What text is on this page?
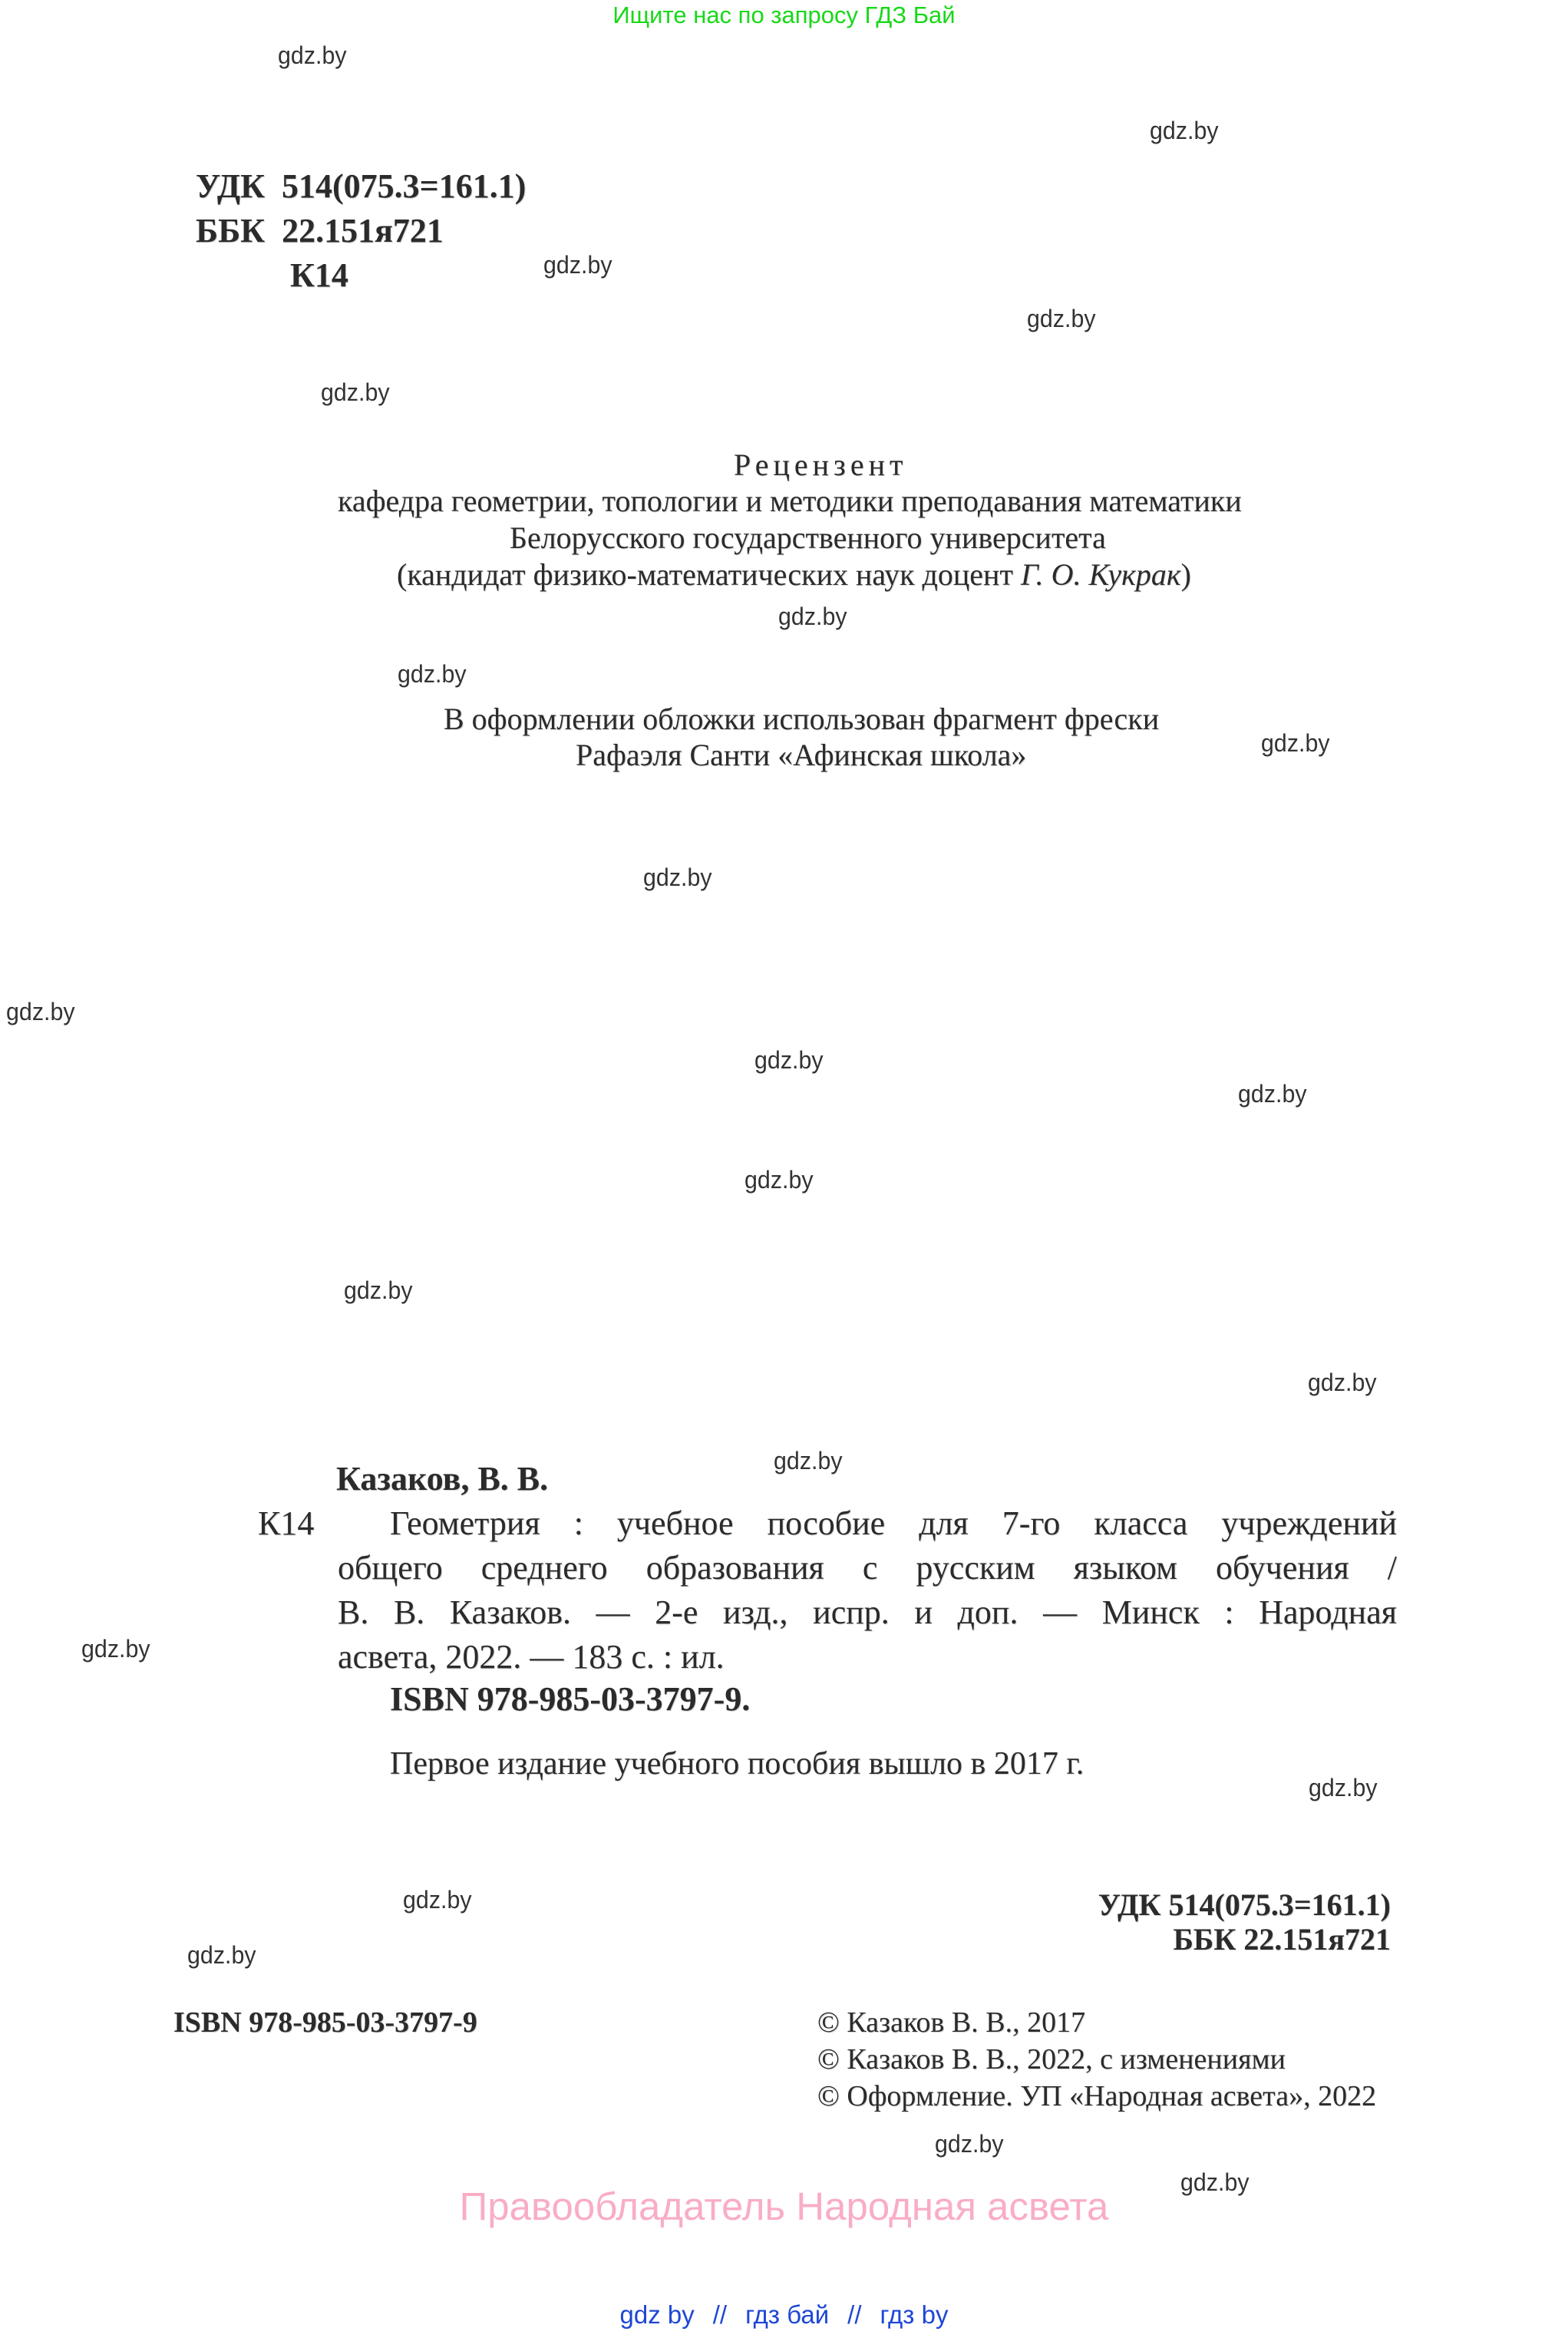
Ищите нас по запросу ГДЗ Бай
gdz.by
gdz.by
gdz.by
gdz.by
gdz.by
gdz.by
gdz.by
gdz.by
gdz.by
gdz.by
gdz.by
gdz.by
gdz.by
gdz.by
gdz.by
gdz.by
gdz.by
gdz.by
gdz.by
gdz.by
gdz.by
gdz.by
УДК  514(075.3=161.1)
ББК  22.151я721
К14
Рецензент
кафедра геометрии, топологии и методики преподавания математики
Белорусского государственного университета
(кандидат физико-математических наук доцент Г. О. Кукрак)
В оформлении обложки использован фрагмент фрески
Рафаэля Санти «Афинская школа»
Казаков, В. В.
К14 Геометрия : учебное пособие для 7-го класса учреждений
общего среднего образования с русским языком обучения /
В. В. Казаков. — 2-е изд., испр. и доп. — Минск : Народная
асвета, 2022. — 183 с. : ил.
ISBN 978-985-03-3797-9.
Первое издание учебного пособия вышло в 2017 г.
УДК 514(075.3=161.1)
ББК 22.151я721
ISBN 978-985-03-3797-9	© Казаков В. В., 2017
© Казаков В. В., 2022, с изменениями
© Оформление. УП «Народная асвета», 2022
Правообладатель Народная асвета
gdz by // гдз бай // гдз by
